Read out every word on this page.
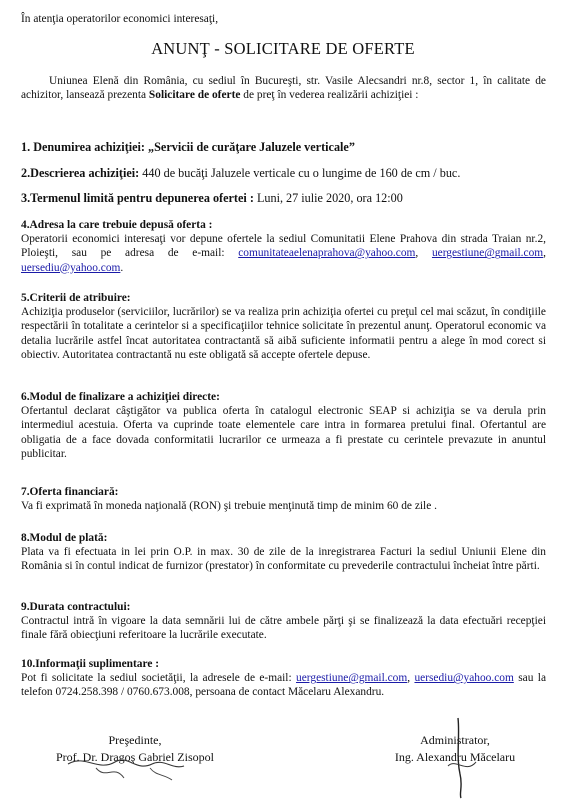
În atenţia operatorilor economici interesaţi,
ANUNŢ - SOLICITARE DE OFERTE
Uniunea Elenă din România, cu sediul în Bucureşti, str. Vasile Alecsandri nr.8, sector 1, în calitate de achizitor, lansează prezenta Solicitare de oferte de preţ în vederea realizării achiziţiei :
1. Denumirea achiziţiei: „Servicii de curăţare Jaluzele verticale”
2.Descrierea achiziţiei: 440 de bucăţi Jaluzele verticale cu o lungime de 160 de cm / buc.
3.Termenul limită pentru depunerea ofertei : Luni, 27 iulie 2020, ora 12:00
4.Adresa la care trebuie depusă oferta :
Operatorii economici interesaţi vor depune ofertele la sediul Comunitatii Elene Prahova din strada Traian nr.2, Ploieşti, sau pe adresa de e-mail: comunitateaelenaprahova@yahoo.com, uergestiune@gmail.com, uersediu@yahoo.com.
5.Criterii de atribuire:
Achiziţia produselor (serviciilor, lucrărilor) se va realiza prin achiziţia ofertei cu preţul cel mai scăzut, în condiţiile respectării în totalitate a cerintelor si a specificaţiilor tehnice solicitate în prezentul anunţ. Operatorul economic va detalia lucrările astfel încat autoritatea contractantă să aibă suficiente informatii pentru a alege în mod corect si obiectiv. Autoritatea contractantă nu este obligată să accepte ofertele depuse.
6.Modul de finalizare a achiziţiei directe:
Ofertantul declarat câştigător va publica oferta în catalogul electronic SEAP si achiziţia se va derula prin intermediul acestuia. Oferta va cuprinde toate elementele care intra in formarea pretului final. Ofertantul are obligatia de a face dovada conformitatii lucrarilor ce urmeaza a fi prestate cu cerintele prevazute in anuntul publicitar.
7.Oferta financiară:
Va fi exprimată în moneda naţională (RON) şi trebuie menţinută timp de minim 60 de zile .
8.Modul de plată:
Plata va fi efectuata in lei prin O.P. in max. 30 de zile de la inregistrarea Facturi la sediul Uniunii Elene din România si în contul indicat de furnizor (prestator) în conformitate cu prevederile contractului încheiat între părti.
9.Durata contractului:
Contractul intră în vigoare la data semnării lui de către ambele părţi şi se finalizează la data efectuări recepţiei finale fără obiecţiuni referitoare la lucrările executate.
10.Informaţii suplimentare :
Pot fi solicitate la sediul societăţii, la adresele de e-mail: uergestiune@gmail.com, uersediu@yahoo.com sau la telefon 0724.258.398 / 0760.673.008, persoana de contact Măcelaru Alexandru.
Preşedinte,
Prof. Dr. Dragoş Gabriel Zisopol
Administrator,
Ing. Alexandru Măcelaru
